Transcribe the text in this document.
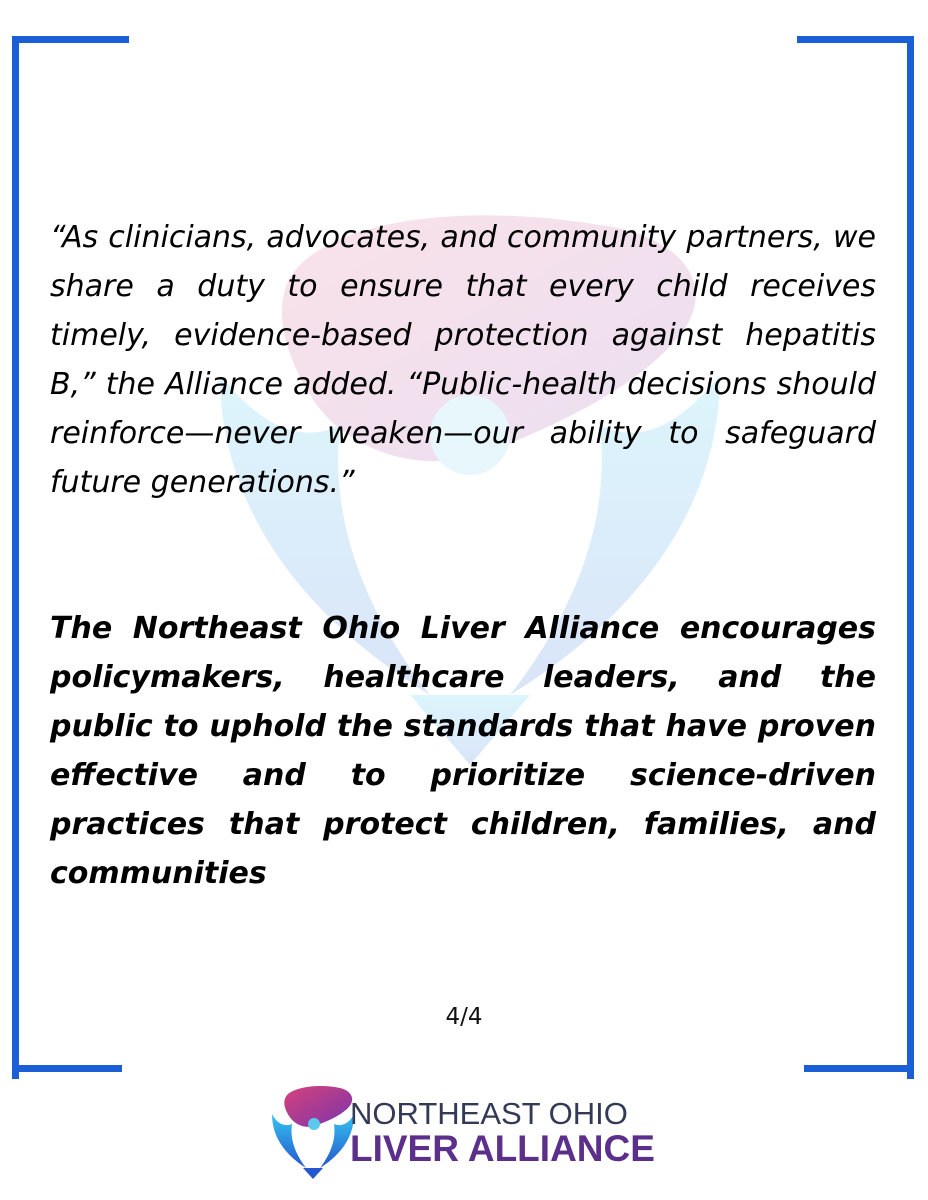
“As clinicians, advocates, and community partners, we share a duty to ensure that every child receives timely, evidence-based protection against hepatitis B,” the Alliance added. “Public-health decisions should reinforce—never weaken—our ability to safeguard future generations.”

The Northeast Ohio Liver Alliance encourages policymakers, healthcare leaders, and the public to uphold the standards that have proven effective and to prioritize science-driven practices that protect children, families, and communities

4/4
NORTHEAST OHIO
LIVER ALLIANCE
